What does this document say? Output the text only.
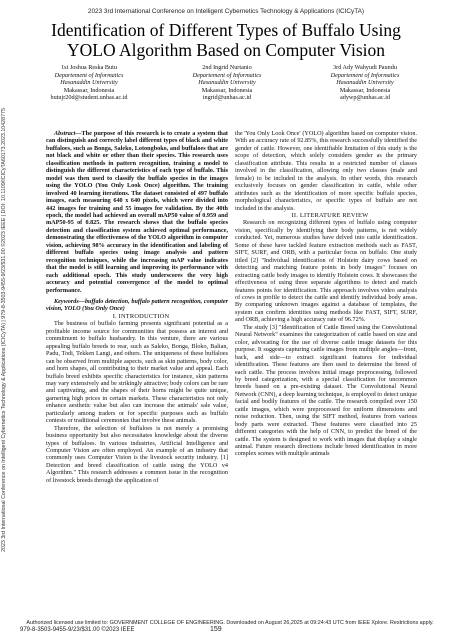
2023 3rd International Conference on Intelligent Cybernetics Technology & Applications (ICICyTA)
2023 3rd International Conference on Intelligent Cybernetics Technology & Applications (ICICyTA) | 979-8-3503-9455-9/23/$31.00 ©2023 IEEE | DOI: 10.1109/ICICyTA60173.2023.10428775
Identification of Different Types of Buffalo Using YOLO Algorithm Based on Computer Vision
1st Joshua Reska Butu
Departement of Informatics
Hasanuddin University
Makassar, Indonesia
butujr20d@student.unhas.ac.id
2nd Ingrid Nurtanio
Departement of Informatics
Hasanuddin University
Makassar, Indonesia
ingrid@unhas.ac.id
3rd Ady Wahyudi Paundu
Departement of Informatics
Hasanuddin University
Makassar, Indonesia
adywp@unhas.ac.id

Abstract—The purpose of this research is to create a system that can distinguish and correctly label different types of black and white buffaloes, such as Bonga, Saleko, Lotongboko, and buffaloes that are not black and white or other than their species. This research uses classification methods in pattern recognition, training a model to distinguish the different characteristics of each type of buffalo. This model was then used to classify the buffalo species in the images using the YOLO (You Only Look Once) algorithm. The training involved 40 learning iterations. The dataset consisted of 497 buffalo images, each measuring 640 x 640 pixels, which were divided into 442 images for training and 55 images for validation. By the 40th epoch, the model had achieved an overall mAP50 value of 0.959 and mAP50-95 of 0.825. The research shows that the buffalo species detection and classification system achieved optimal performance, demonstrating the effectiveness of the YOLO algorithm in computer vision, achieving 98% accuracy in the identification and labeling of different buffalo species using image analysis and pattern recognition techniques, while the increasing mAP value indicates that the model is still learning and improving its performance with each additional epoch. This study underscores the very high accuracy and potential convergence of the model to optimal performance.

Keywords—buffalo detection, buffalo pattern recognition, computer vision, YOLO (You Only Once)

I. INTRODUCTION

The business of buffalo farming presents significant potential as a profitable income source for communities that possess an interest and commitment to buffalo husbandry. In this venture, there are various appealing buffalo breeds to rear, such as Saleko, Bonga, Bloko, Balian, Padu, Todi, Tekken Langi, and others. The uniqueness of these buffaloes can be observed from multiple aspects, such as skin patterns, body color, and horn shapes, all contributing to their market value and appeal. Each buffalo breed exhibits specific characteristics for instance, skin patterns may vary extensively and be strikingly attractive; body colors can be rare and captivating, and the shapes of their horns might be quite unique, garnering high prices in certain markets. These characteristics not only enhance aesthetic value but also can increase the animals' sale value, particularly among traders or for specific purposes such as buffalo contests or traditional ceremonies that involve these animals.

Therefore, the selection of buffaloes is not merely a promising business opportunity but also necessitates knowledge about the diverse types of buffaloes. In various industries, Artificial Intelligence and Computer Vision are often employed. An example of an industry that commonly uses Computer Vision is the livestock security industry. [1] Detection and breed classification of cattle using the YOLO v4 Algorithm." This research addresses a common issue in the recognition of livestock breeds through the application of

the 'You Only Look Once' (YOLO) algorithm based on computer vision. With an accuracy rate of 92.85%, this research successfully identified the gender of cattle. However, one identifiable limitation of this study is the scope of detection, which solely considers gender as the primary classification attribute. This results in a restricted number of classes involved in the classification, allowing only two classes (male and female) to be included in the analysis. In other words, this research exclusively focuses on gender classification in cattle, while other attributes such as the identification of more specific buffalo species, morphological characteristics, or specific types of buffalo are not included in the analysis.

II. LITERATURE REVIEW

Research on recognizing different types of buffalo using computer vision, specifically by identifying their body patterns, is not widely conducted. Yet, numerous studies have delved into cattle identification. Some of these have tackled feature extraction methods such as FAST, SIFT, SURF, and ORB, with a particular focus on buffalo. One study titled [2] "Individual identification of Holstein dairy cows based on detecting and matching feature points in body images" focuses on extracting cattle body images to identify Holstein cows. It showcases the effectiveness of using three separate algorithms to detect and match features points for identification. This approach involves video analysis of cows in profile to detect the cattle and identify individual body areas. By comparing unknown images against a database of templates, the system can confirm identities using methods like FAST, SIFT, SURF, and ORB, achieving a high accuracy rate of 96.72%.

The study [3] "Identification of Cattle Breed using the Convolutional Neural Network" examines the categorization of cattle based on size and color, advocating for the use of diverse cattle image datasets for this purpose. It suggests capturing cattle images from multiple angles—front, back, and side—to extract significant features for individual identification. These features are then used to determine the breed of each cattle. The process involves initial image preprocessing, followed by breed categorization, with a special classification for uncommon breeds based on a pre-existing dataset. The Convolutional Neural Network (CNN), a deep learning technique, is employed to detect unique facial and bodily features of the cattle. The research compiled over 150 cattle images, which were preprocessed for uniform dimensions and noise reduction. Then, using the SIFT method, features from various body parts were extracted. These features were classified into 25 different categories with the help of CNN, to predict the breed of the cattle. The system is designed to work with images that display a single animal. Future research directions include breed identification in more complex scenes with multiple animals

Authorized licensed use limited to: GOVERNMENT COLLEGE OF ENGINEERING. Downloaded on August 26,2025 at 09:24:43 UTC from IEEE Xplore. Restrictions apply.
979-8-3503-9455-9/23/$31.00 ©2023 IEEE	159
